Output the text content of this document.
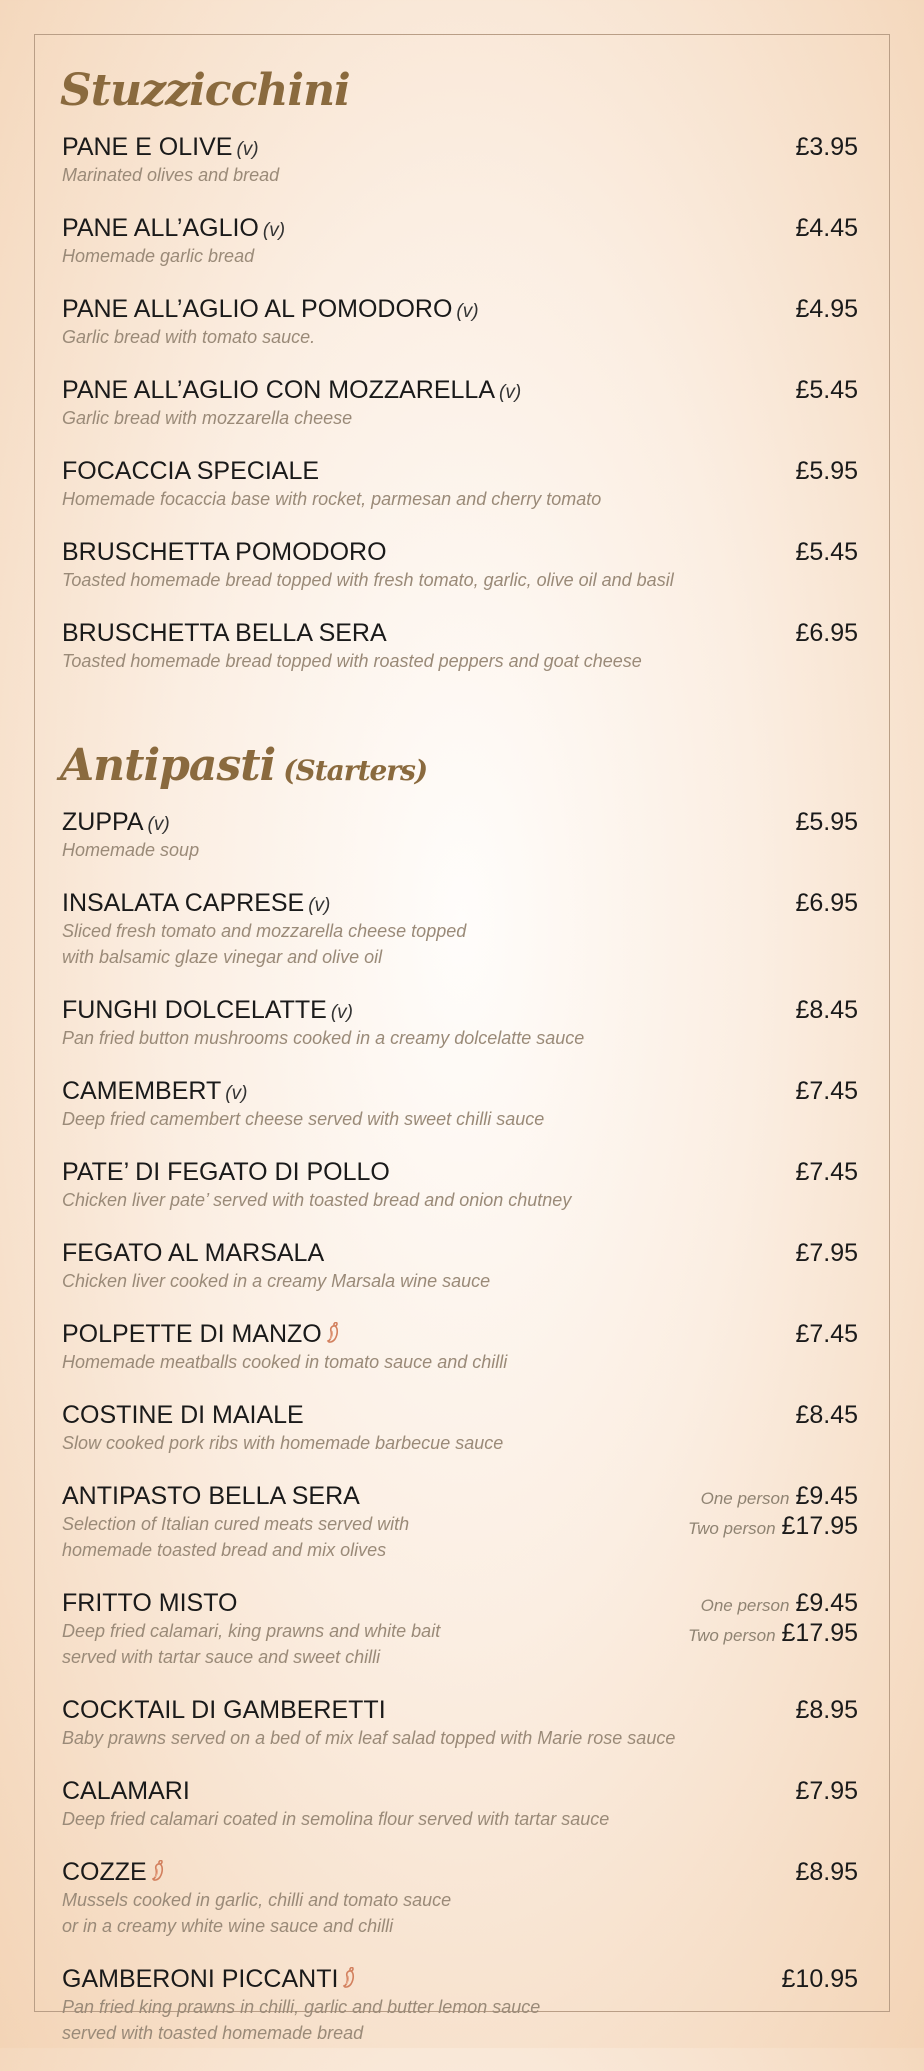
Stuzzicchini
PANE E OLIVE (v)	£3.95
Marinated olives and bread
PANE ALL’AGLIO (v)	£4.45
Homemade garlic bread
PANE ALL’AGLIO AL POMODORO (v)	£4.95
Garlic bread with tomato sauce.
PANE ALL’AGLIO CON MOZZARELLA (v)	£5.45
Garlic bread with mozzarella cheese
FOCACCIA SPECIALE	£5.95
Homemade focaccia base with rocket, parmesan and cherry tomato
BRUSCHETTA POMODORO	£5.45
Toasted homemade bread topped with fresh tomato, garlic, olive oil and basil
BRUSCHETTA BELLA SERA	£6.95
Toasted homemade bread topped with roasted peppers and goat cheese
Antipasti (Starters)
ZUPPA (v)	£5.95
Homemade soup
INSALATA CAPRESE (v)	£6.95
Sliced fresh tomato and mozzarella cheese topped
with balsamic glaze vinegar and olive oil
FUNGHI DOLCELATTE (v)	£8.45
Pan fried button mushrooms cooked in a creamy dolcelatte sauce
CAMEMBERT (v)	£7.45
Deep fried camembert cheese served with sweet chilli sauce
PATE’ DI FEGATO DI POLLO	£7.45
Chicken liver pate’ served with toasted bread and onion chutney
FEGATO AL MARSALA	£7.95
Chicken liver cooked in a creamy Marsala wine sauce
POLPETTE DI MANZO	£7.45
Homemade meatballs cooked in tomato sauce and chilli
COSTINE DI MAIALE	£8.45
Slow cooked pork ribs with homemade barbecue sauce
ANTIPASTO BELLA SERA	One person £9.45
Two person £17.95
Selection of Italian cured meats served with
homemade toasted bread and mix olives
FRITTO MISTO	One person £9.45
Two person £17.95
Deep fried calamari, king prawns and white bait
served with tartar sauce and sweet chilli
COCKTAIL DI GAMBERETTI	£8.95
Baby prawns served on a bed of mix leaf salad topped with Marie rose sauce
CALAMARI	£7.95
Deep fried calamari coated in semolina flour served with tartar sauce
COZZE	£8.95
Mussels cooked in garlic, chilli and tomato sauce
or in a creamy white wine sauce and chilli
GAMBERONI PICCANTI	£10.95
Pan fried king prawns in chilli, garlic and butter lemon sauce
served with toasted homemade bread
